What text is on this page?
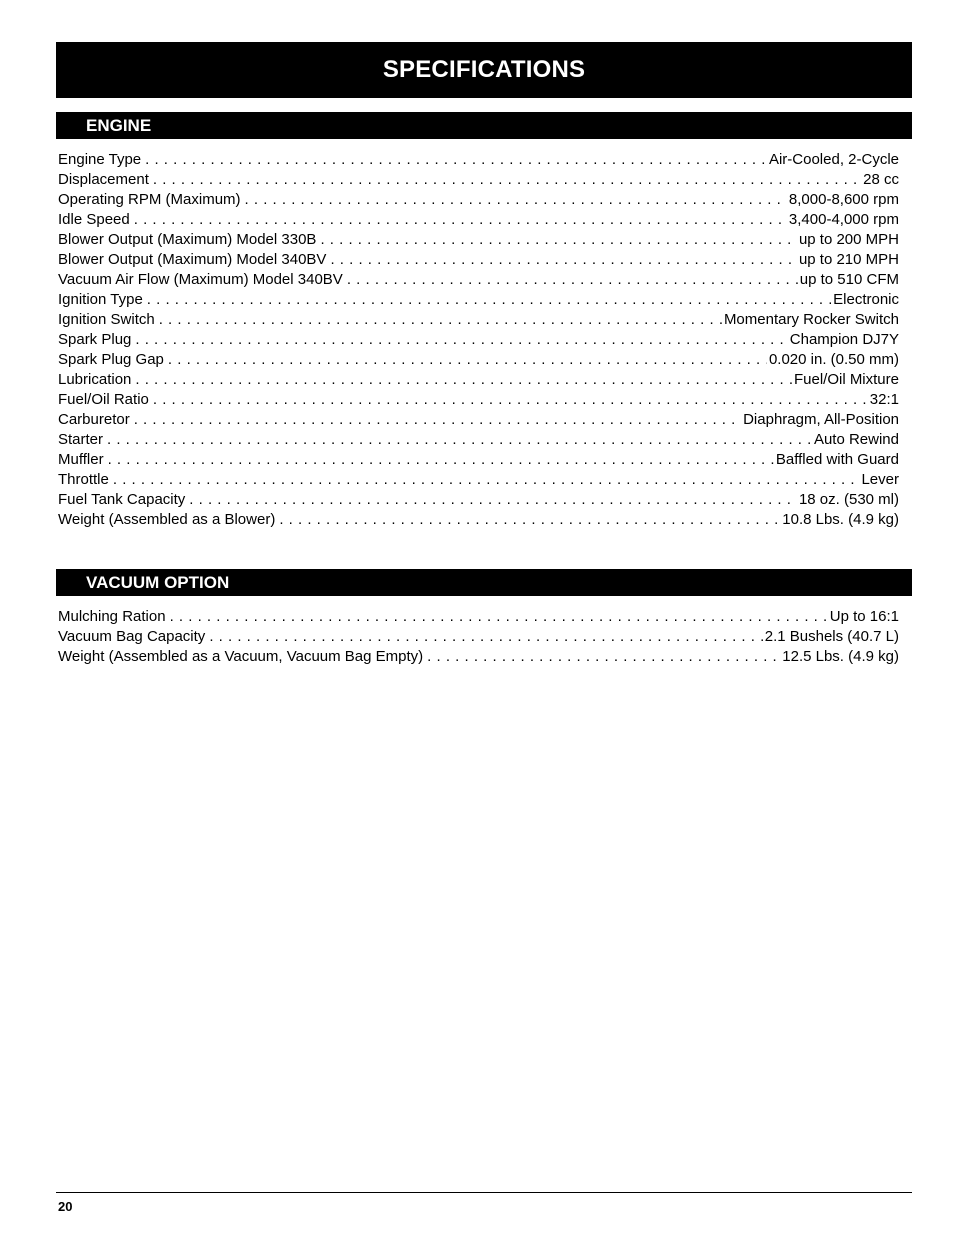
SPECIFICATIONS
ENGINE
Engine Type . . .	Air-Cooled, 2-Cycle
Displacement . . .	28 cc
Operating RPM (Maximum) . . .	8,000-8,600 rpm
Idle Speed . . .	3,400-4,000 rpm
Blower Output (Maximum) Model 330B . . .	up to 200 MPH
Blower Output (Maximum) Model 340BV . . .	up to 210 MPH
Vacuum Air Flow (Maximum) Model 340BV . . .	up to 510 CFM
Ignition Type . . .	Electronic
Ignition Switch . . .	Momentary Rocker Switch
Spark Plug . . .	Champion DJ7Y
Spark Plug Gap . . .	0.020 in. (0.50 mm)
Lubrication . . .	Fuel/Oil Mixture
Fuel/Oil Ratio . . .	32:1
Carburetor . . .	Diaphragm, All-Position
Starter . . .	Auto Rewind
Muffler . . .	Baffled with Guard
Throttle . . .	Lever
Fuel Tank Capacity . . .	18 oz. (530 ml)
Weight (Assembled as a Blower) . . .	10.8 Lbs. (4.9 kg)
VACUUM OPTION
Mulching Ration . . .	Up to 16:1
Vacuum Bag Capacity . . .	2.1 Bushels (40.7 L)
Weight (Assembled as a Vacuum, Vacuum Bag Empty) . . .	12.5 Lbs. (4.9 kg)
20
